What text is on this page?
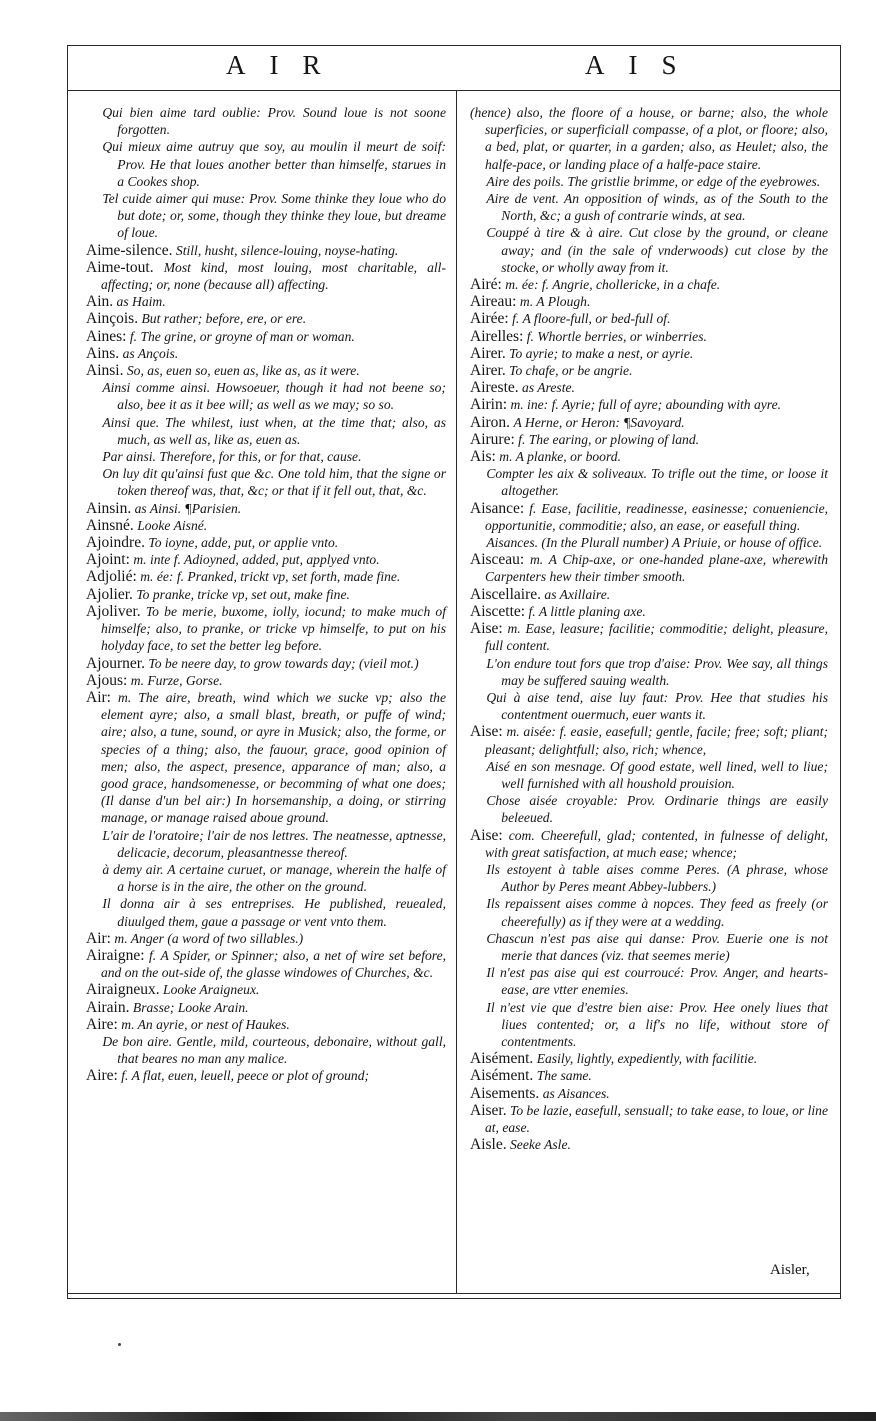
AIR	AIS

Qui bien aime tard oublie: Prov. Sound loue is not soone forgotten.

Qui mieux aime autruy que soy, au moulin il meurt de soif: Prov. He that loues another better than himselfe, starues in a Cookes shop.

Tel cuide aimer qui muse: Prov. Some thinke they loue who do but dote; or, some, though they thinke they loue, but dreame of loue.

Aime-silence. Still, husht, silence-louing, noyse-hating.

Aime-tout. Most kind, most louing, most charitable, all-affecting; or, none (because all) affecting.

Ain. as Haim.

Ainçois. But rather; before, ere, or ere.

Aines: f. The grine, or groyne of man or woman.

Ains. as Ançois.

Ainsi. So, as, euen so, euen as, like as, as it were.

Ainsi comme ainsi. Howsoeuer, though it had not beene so; also, bee it as it bee will; as well as we may; so so.

Ainsi que. The whilest, iust when, at the time that; also, as much, as well as, like as, euen as.

Par ainsi. Therefore, for this, or for that, cause.

On luy dit qu'ainsi fust que &c. One told him, that the signe or token thereof was, that, &c; or that if it fell out, that, &c.

Ainsin. as Ainsi. ¶Parisien.

Ainsné. Looke Aisné.

Ajoindre. To ioyne, adde, put, or applie vnto.

Ajoint: m. inte f. Adioyned, added, put, applyed vnto.

Adjolié: m. ée: f. Pranked, trickt vp, set forth, made fine.

Ajolier. To pranke, tricke vp, set out, make fine.

Ajoliver. To be merie, buxome, iolly, iocund; to make much of himselfe; also, to pranke, or tricke vp himselfe, to put on his holyday face, to set the better leg before.

Ajourner. To be neere day, to grow towards day; (vieil mot.)

Ajous: m. Furze, Gorse.

Air: m. The aire, breath, wind which we sucke vp; also the element ayre; also, a small blast, breath, or puffe of wind; aire; also, a tune, sound, or ayre in Musick; also, the forme, or species of a thing; also, the fauour, grace, good opinion of men; also, the aspect, presence, apparance of man; also, a good grace, handsomenesse, or becomming of what one does; (Il danse d'un bel air:) In horsemanship, a doing, or stirring manage, or manage raised aboue ground.

L'air de l'oratoire; l'air de nos lettres. The neatnesse, aptnesse, delicacie, decorum, pleasantnesse thereof.

à demy air. A certaine curuet, or manage, wherein the halfe of a horse is in the aire, the other on the ground.

Il donna air à ses entreprises. He published, reuealed, diuulged them, gaue a passage or vent vnto them.

Air: m. Anger (a word of two sillables.)

Airaigne: f. A Spider, or Spinner; also, a net of wire set before, and on the out-side of, the glasse windowes of Churches, &c.

Airaigneux. Looke Araigneux.

Airain. Brasse; Looke Arain.

Aire: m. An ayrie, or nest of Haukes.

De bon aire. Gentle, mild, courteous, debonaire, without gall, that beares no man any malice.

Aire: f. A flat, euen, leuell, peece or plot of ground;

(hence) also, the floore of a house, or barne; also, the whole superficies, or superficiall compasse, of a plot, or floore; also, a bed, plat, or quarter, in a garden; also, as Heulet; also, the halfe-pace, or landing place of a halfe-pace staire.

Aire des poils. The gristlie brimme, or edge of the eyebrowes.

Aire de vent. An opposition of winds, as of the South to the North, &c; a gush of contrarie winds, at sea.

Couppé à tire & à aire. Cut close by the ground, or cleane away; and (in the sale of vnderwoods) cut close by the stocke, or wholly away from it.

Airé: m. ée: f. Angrie, chollericke, in a chafe.

Aireau: m. A Plough.

Airée: f. A floore-full, or bed-full of.

Airelles: f. Whortle berries, or winberries.

Airer. To ayrie; to make a nest, or ayrie.

Airer. To chafe, or be angrie.

Aireste. as Areste.

Airin: m. ine: f. Ayrie; full of ayre; abounding with ayre.

Airon. A Herne, or Heron: ¶Savoyard.

Airure: f. The earing, or plowing of land.

Ais: m. A planke, or boord.

Compter les aix & soliveaux. To trifle out the time, or loose it altogether.

Aisance: f. Ease, facilitie, readinesse, easinesse; conueniencie, opportunitie, commoditie; also, an ease, or easefull thing.

Aisances. (In the Plurall number) A Priuie, or house of office.

Aisceau: m. A Chip-axe, or one-handed plane-axe, wherewith Carpenters hew their timber smooth.

Aiscellaire. as Axillaire.

Aiscette: f. A little planing axe.

Aise: m. Ease, leasure; facilitie; commoditie; delight, pleasure, full content.

L'on endure tout fors que trop d'aise: Prov. Wee say, all things may be suffered sauing wealth.

Qui à aise tend, aise luy faut: Prov. Hee that studies his contentment ouermuch, euer wants it.

Aise: m. aisée: f. easie, easefull; gentle, facile; free; soft; pliant; pleasant; delightfull; also, rich; whence,

Aisé en son mesnage. Of good estate, well lined, well to liue; well furnished with all houshold prouision.

Chose aisée croyable: Prov. Ordinarie things are easily beleeued.

Aise: com. Cheerefull, glad; contented, in fulnesse of delight, with great satisfaction, at much ease; whence;

Ils estoyent à table aises comme Peres. (A phrase, whose Author by Peres meant Abbey-lubbers.)

Ils repaissent aises comme à nopces. They feed as freely (or cheerefully) as if they were at a wedding.

Chascun n'est pas aise qui danse: Prov. Euerie one is not merie that dances (viz. that seemes merie)

Il n'est pas aise qui est courroucé: Prov. Anger, and hearts-ease, are vtter enemies.

Il n'est vie que d'estre bien aise: Prov. Hee onely liues that liues contented; or, a lif's no life, without store of contentments.

Aisément. Easily, lightly, expediently, with facilitie.

Aisément. The same.

Aisements. as Aisances.

Aiser. To be lazie, easefull, sensuall; to take ease, to loue, or line at, ease.

Aisle. Seeke Asle.

Aisler,
